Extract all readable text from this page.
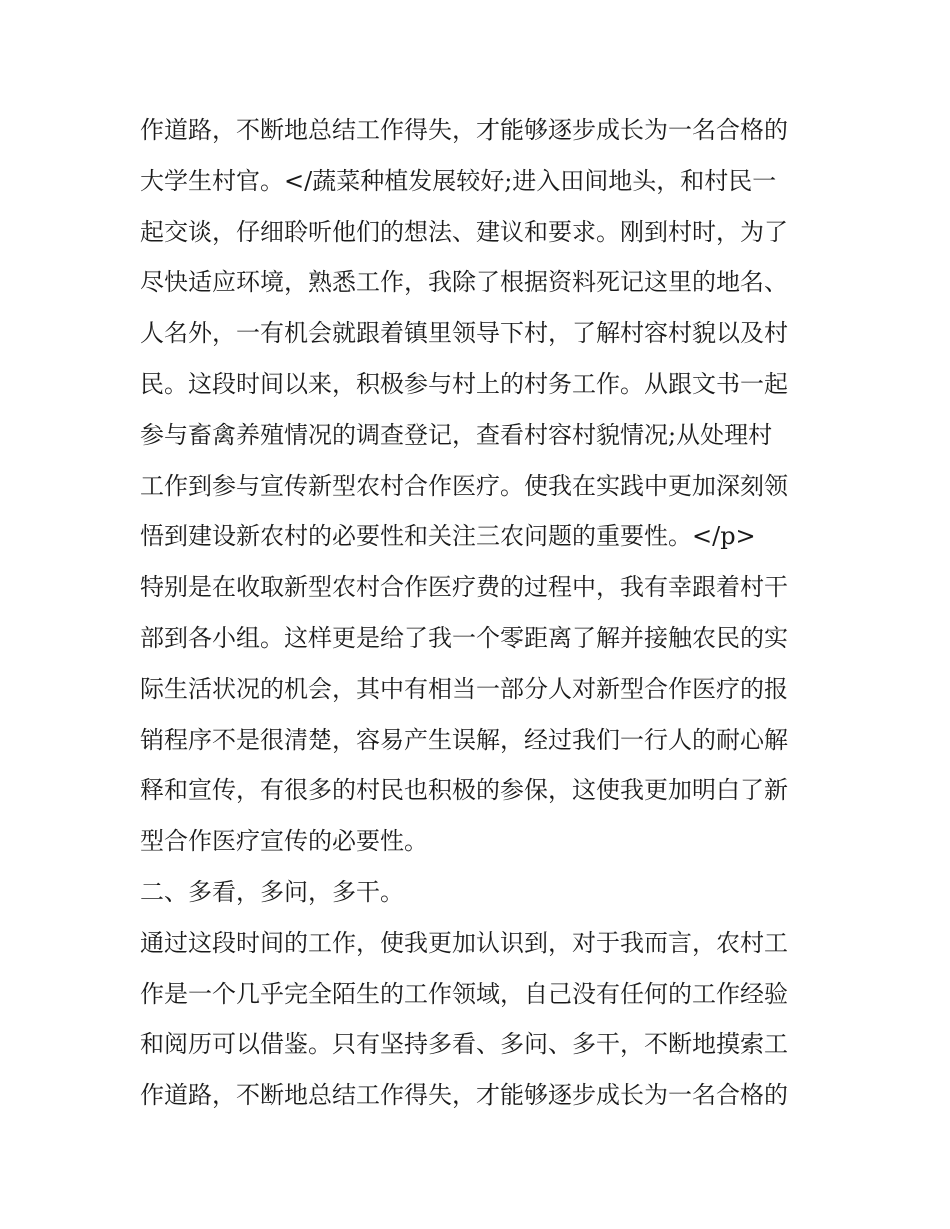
作道路，不断地总结工作得失，才能够逐步成长为一名合格的
大学生村官。</蔬菜种植发展较好;进入田间地头，和村民一
起交谈，仔细聆听他们的想法、建议和要求。刚到村时，为了
尽快适应环境，熟悉工作，我除了根据资料死记这里的地名、
人名外，一有机会就跟着镇里领导下村，了解村容村貌以及村
民。这段时间以来，积极参与村上的村务工作。从跟文书一起
参与畜禽养殖情况的调查登记，查看村容村貌情况;从处理村
工作到参与宣传新型农村合作医疗。使我在实践中更加深刻领
悟到建设新农村的必要性和关注三农问题的重要性。</p>
特别是在收取新型农村合作医疗费的过程中，我有幸跟着村干
部到各小组。这样更是给了我一个零距离了解并接触农民的实
际生活状况的机会，其中有相当一部分人对新型合作医疗的报
销程序不是很清楚，容易产生误解，经过我们一行人的耐心解
释和宣传，有很多的村民也积极的参保，这使我更加明白了新
型合作医疗宣传的必要性。
二、多看，多问，多干。
通过这段时间的工作，使我更加认识到，对于我而言，农村工
作是一个几乎完全陌生的工作领域，自己没有任何的工作经验
和阅历可以借鉴。只有坚持多看、多问、多干，不断地摸索工
作道路，不断地总结工作得失，才能够逐步成长为一名合格的
